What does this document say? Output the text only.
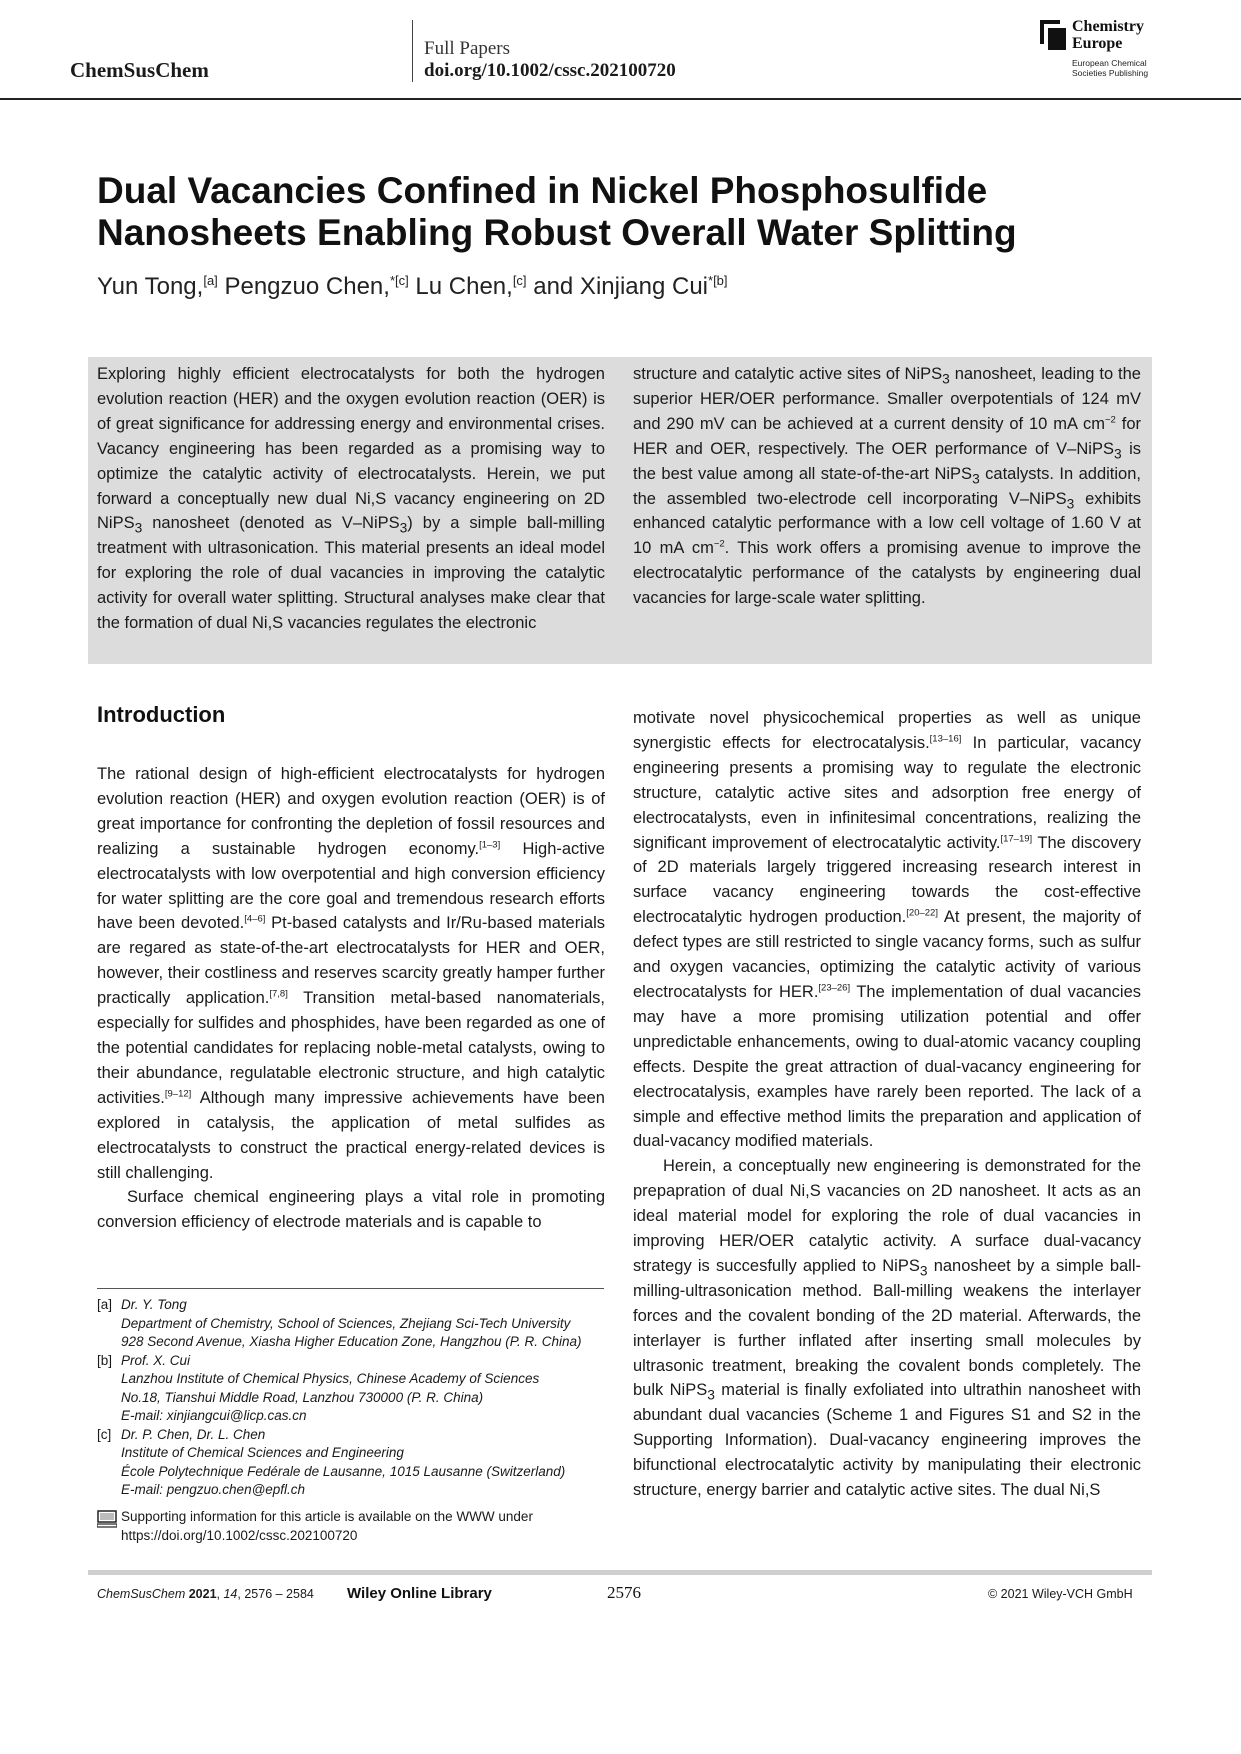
ChemSusChem
Full Papers
doi.org/10.1002/cssc.202100720
Chemistry
Europe
European Chemical
Societies Publishing
Dual Vacancies Confined in Nickel Phosphosulfide Nanosheets Enabling Robust Overall Water Splitting
Yun Tong,[a] Pengzuo Chen,$^{*[c]}$ Lu Chen,[c] and Xinjiang Cui$^{*[b]}$
Exploring highly efficient electrocatalysts for both the hydrogen evolution reaction (HER) and the oxygen evolution reaction (OER) is of great significance for addressing energy and environmental crises. Vacancy engineering has been regarded as a promising way to optimize the catalytic activity of electrocatalysts. Herein, we put forward a conceptually new dual Ni,S vacancy engineering on 2D NiPS$_3$ nanosheet (denoted as V–NiPS$_3$) by a simple ball-milling treatment with ultrasonication. This material presents an ideal model for exploring the role of dual vacancies in improving the catalytic activity for overall water splitting. Structural analyses make clear that the formation of dual Ni,S vacancies regulates the electronic
structure and catalytic active sites of NiPS$_3$ nanosheet, leading to the superior HER/OER performance. Smaller overpotentials of 124 mV and 290 mV can be achieved at a current density of 10 mA $cm^{-2}$ for HER and OER, respectively. The OER performance of V–NiPS$_3$ is the best value among all state-of-the-art NiPS$_3$ catalysts. In addition, the assembled two-electrode cell incorporating V–NiPS$_3$ exhibits enhanced catalytic performance with a low cell voltage of 1.60 V at 10 mA $cm^{-2}$. This work offers a promising avenue to improve the electrocatalytic performance of the catalysts by engineering dual vacancies for large-scale water splitting.
Introduction

The rational design of high-efficient electrocatalysts for hydrogen evolution reaction (HER) and oxygen evolution reaction (OER) is of great importance for confronting the depletion of fossil resources and realizing a sustainable hydrogen economy.[1–3] High-active electrocatalysts with low overpotential and high conversion efficiency for water splitting are the core goal and tremendous research efforts have been devoted.[4–6] Pt-based catalysts and Ir/Ru-based materials are regared as state-of-the-art electrocatalysts for HER and OER, however, their costliness and reserves scarcity greatly hamper further practically application.[7,8] Transition metal-based nanomaterials, especially for sulfides and phosphides, have been regarded as one of the potential candidates for replacing noble-metal catalysts, owing to their abundance, regulatable electronic structure, and high catalytic activities.[9–12] Although many impressive achievements have been explored in catalysis, the application of metal sulfides as electrocatalysts to construct the practical energy-related devices is still challenging.

Surface chemical engineering plays a vital role in promoting conversion efficiency of electrode materials and is capable to

motivate novel physicochemical properties as well as unique synergistic effects for electrocatalysis.[13–16] In particular, vacancy engineering presents a promising way to regulate the electronic structure, catalytic active sites and adsorption free energy of electrocatalysts, even in infinitesimal concentrations, realizing the significant improvement of electrocatalytic activity.[17–19] The discovery of 2D materials largely triggered increasing research interest in surface vacancy engineering towards the cost-effective electrocatalytic hydrogen production.[20–22] At present, the majority of defect types are still restricted to single vacancy forms, such as sulfur and oxygen vacancies, optimizing the catalytic activity of various electrocatalysts for HER.[23–26] The implementation of dual vacancies may have a more promising utilization potential and offer unpredictable enhancements, owing to dual-atomic vacancy coupling effects. Despite the great attraction of dual-vacancy engineering for electrocatalysis, examples have rarely been reported. The lack of a simple and effective method limits the preparation and application of dual-vacancy modified materials.

Herein, a conceptually new engineering is demonstrated for the prepapration of dual Ni,S vacancies on 2D nanosheet. It acts as an ideal material model for exploring the role of dual vacancies in improving HER/OER catalytic activity. A surface dual-vacancy strategy is succesfully applied to NiPS$_3$ nanosheet by a simple ball-milling-ultrasonication method. Ball-milling weakens the interlayer forces and the covalent bonding of the 2D material. Afterwards, the interlayer is further inflated after inserting small molecules by ultrasonic treatment, breaking the covalent bonds completely. The bulk NiPS$_3$ material is finally exfoliated into ultrathin nanosheet with abundant dual vacancies (Scheme 1 and Figures S1 and S2 in the Supporting Information). Dual-vacancy engineering improves the bifunctional electrocatalytic activity by manipulating their electronic structure, energy barrier and catalytic active sites. The dual Ni,S

[a] Dr. Y. Tong
Department of Chemistry, School of Sciences, Zhejiang Sci-Tech University
928 Second Avenue, Xiasha Higher Education Zone, Hangzhou (P. R. China)
[b] Prof. X. Cui
Lanzhou Institute of Chemical Physics, Chinese Academy of Sciences
No.18, Tianshui Middle Road, Lanzhou 730000 (P. R. China)
E-mail: xinjiangcui@licp.cas.cn
[c] Dr. P. Chen, Dr. L. Chen
Institute of Chemical Sciences and Engineering
École Polytechnique Fedérale de Lausanne, 1015 Lausanne (Switzerland)
E-mail: pengzuo.chen@epfl.ch
Supporting information for this article is available on the WWW under https://doi.org/10.1002/cssc.202100720
ChemSusChem 2021, 14, 2576 – 2584 Wiley Online Library	2576	© 2021 Wiley-VCH GmbH
